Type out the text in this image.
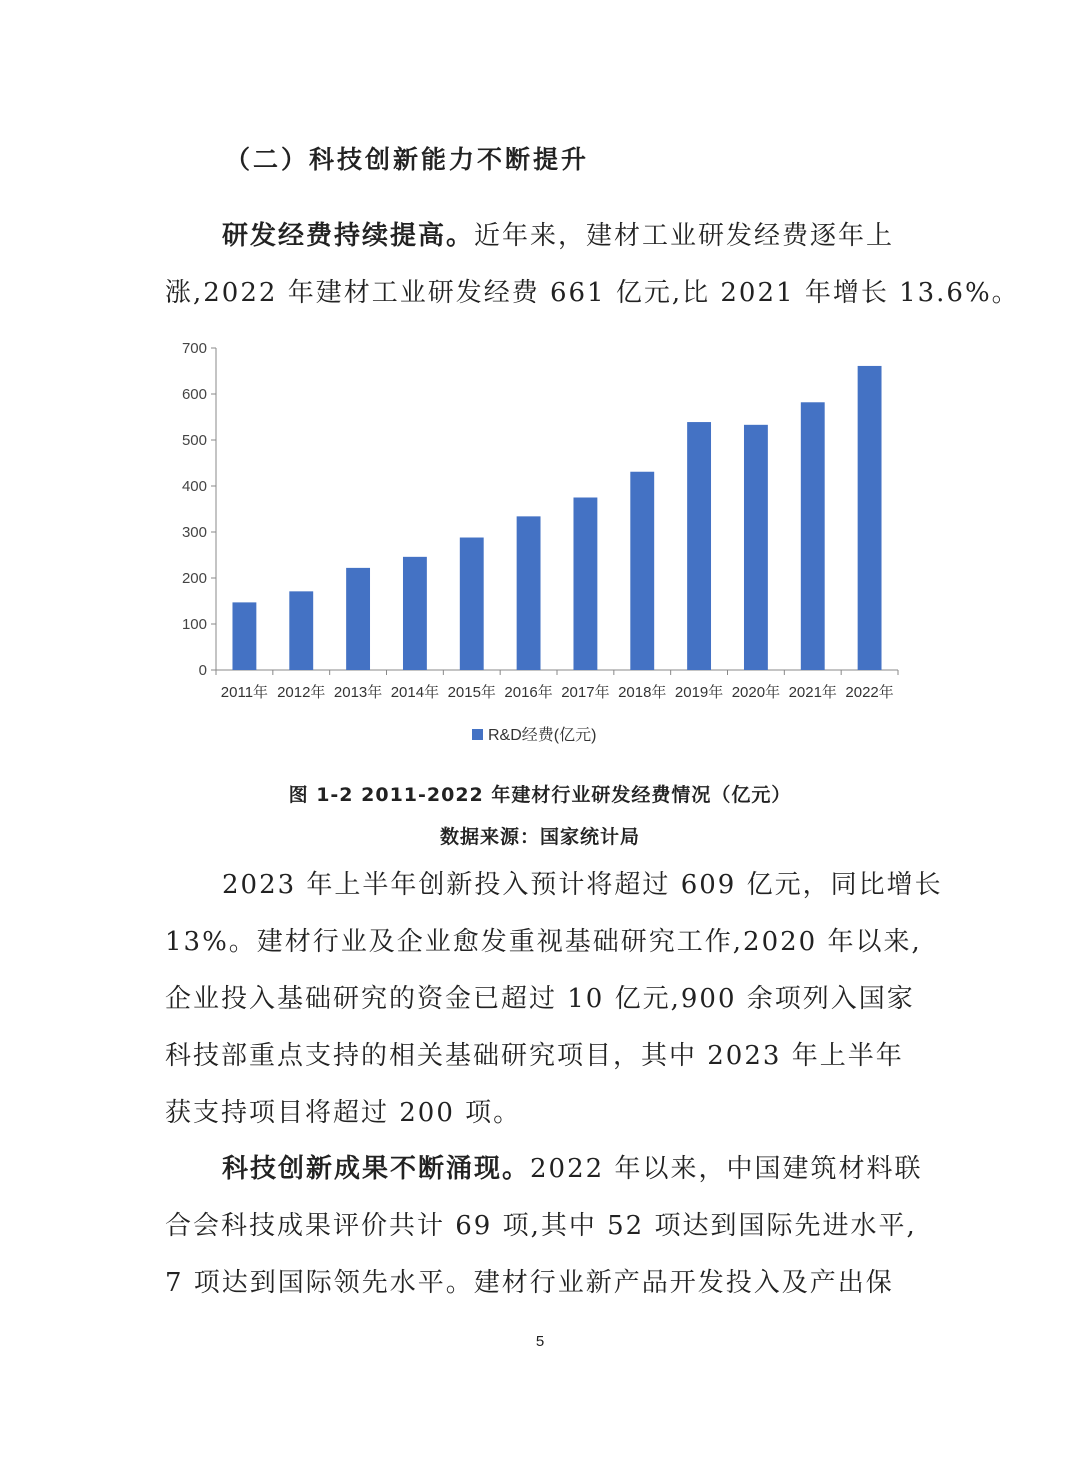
（二）科技创新能力不断提升
研发经费持续提高。近年来，建材工业研发经费逐年上
涨,2022 年建材工业研发经费 661 亿元,比 2021 年增长 13.6%。
0
100
200
300
400
500
600
700
2011年 2012年 2013年 2014年 2015年 2016年 2017年 2018年 2019年 2020年 2021年 2022年
R&D经费(亿元)
图 1-2 2011-2022 年建材行业研发经费情况（亿元）
数据来源：国家统计局
2023 年上半年创新投入预计将超过 609 亿元，同比增长
13%。建材行业及企业愈发重视基础研究工作,2020 年以来,
企业投入基础研究的资金已超过 10 亿元,900 余项列入国家
科技部重点支持的相关基础研究项目，其中 2023 年上半年
获支持项目将超过 200 项。
科技创新成果不断涌现。2022 年以来，中国建筑材料联
合会科技成果评价共计 69 项,其中 52 项达到国际先进水平,
7 项达到国际领先水平。建材行业新产品开发投入及产出保
5
